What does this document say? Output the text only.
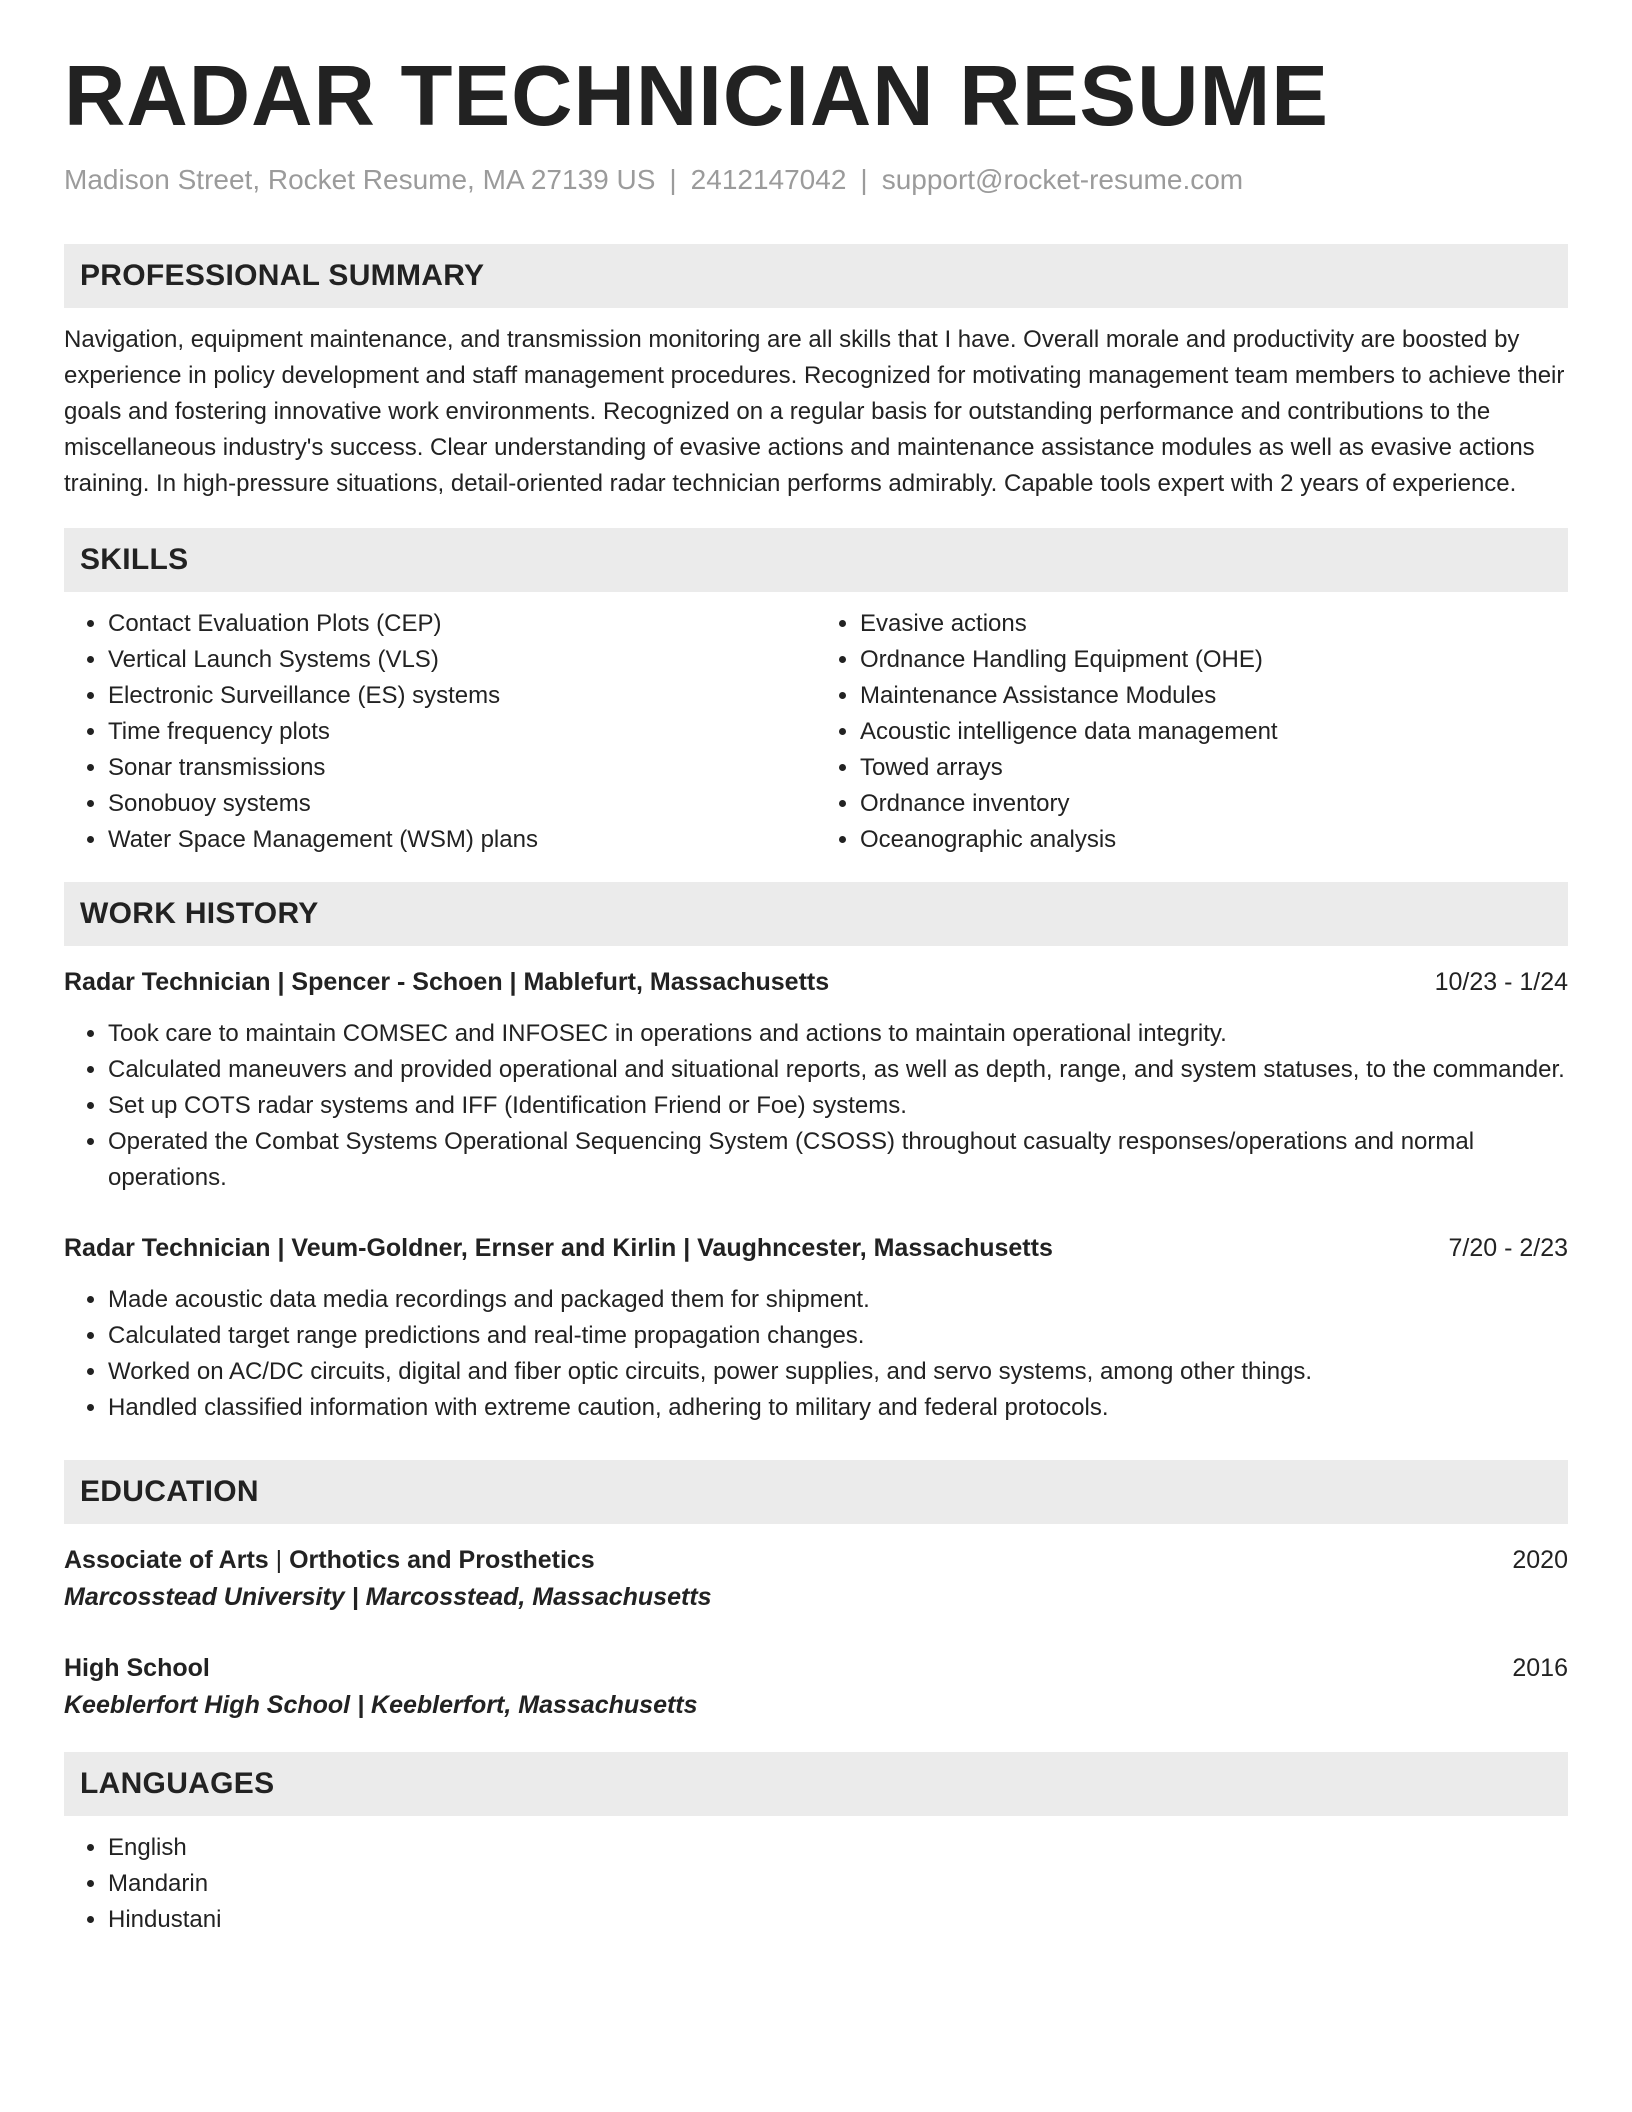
RADAR TECHNICIAN RESUME
Madison Street, Rocket Resume, MA 27139 US | 2412147042 | support@rocket-resume.com
PROFESSIONAL SUMMARY

Navigation, equipment maintenance, and transmission monitoring are all skills that I have. Overall morale and productivity are boosted by experience in policy development and staff management procedures. Recognized for motivating management team members to achieve their goals and fostering innovative work environments. Recognized on a regular basis for outstanding performance and contributions to the miscellaneous industry's success. Clear understanding of evasive actions and maintenance assistance modules as well as evasive actions training. In high-pressure situations, detail-oriented radar technician performs admirably. Capable tools expert with 2 years of experience.

SKILLS
• Contact Evaluation Plots (CEP)
• Vertical Launch Systems (VLS)
• Electronic Surveillance (ES) systems
• Time frequency plots
• Sonar transmissions
• Sonobuoy systems
• Water Space Management (WSM) plans
• Evasive actions
• Ordnance Handling Equipment (OHE)
• Maintenance Assistance Modules
• Acoustic intelligence data management
• Towed arrays
• Ordnance inventory
• Oceanographic analysis
WORK HISTORY
Radar Technician | Spencer - Schoen | Mablefurt, Massachusetts	10/23 - 1/24
• Took care to maintain COMSEC and INFOSEC in operations and actions to maintain operational integrity.
• Calculated maneuvers and provided operational and situational reports, as well as depth, range, and system statuses, to the commander.
• Set up COTS radar systems and IFF (Identification Friend or Foe) systems.
• Operated the Combat Systems Operational Sequencing System (CSOSS) throughout casualty responses/operations and normal operations.
Radar Technician | Veum-Goldner, Ernser and Kirlin | Vaughncester, Massachusetts	7/20 - 2/23
• Made acoustic data media recordings and packaged them for shipment.
• Calculated target range predictions and real-time propagation changes.
• Worked on AC/DC circuits, digital and fiber optic circuits, power supplies, and servo systems, among other things.
• Handled classified information with extreme caution, adhering to military and federal protocols.
EDUCATION
Associate of Arts | Orthotics and Prosthetics	2020
Marcosstead University | Marcosstead, Massachusetts
High School	2016
Keeblerfort High School | Keeblerfort, Massachusetts
LANGUAGES
• English
• Mandarin
• Hindustani
